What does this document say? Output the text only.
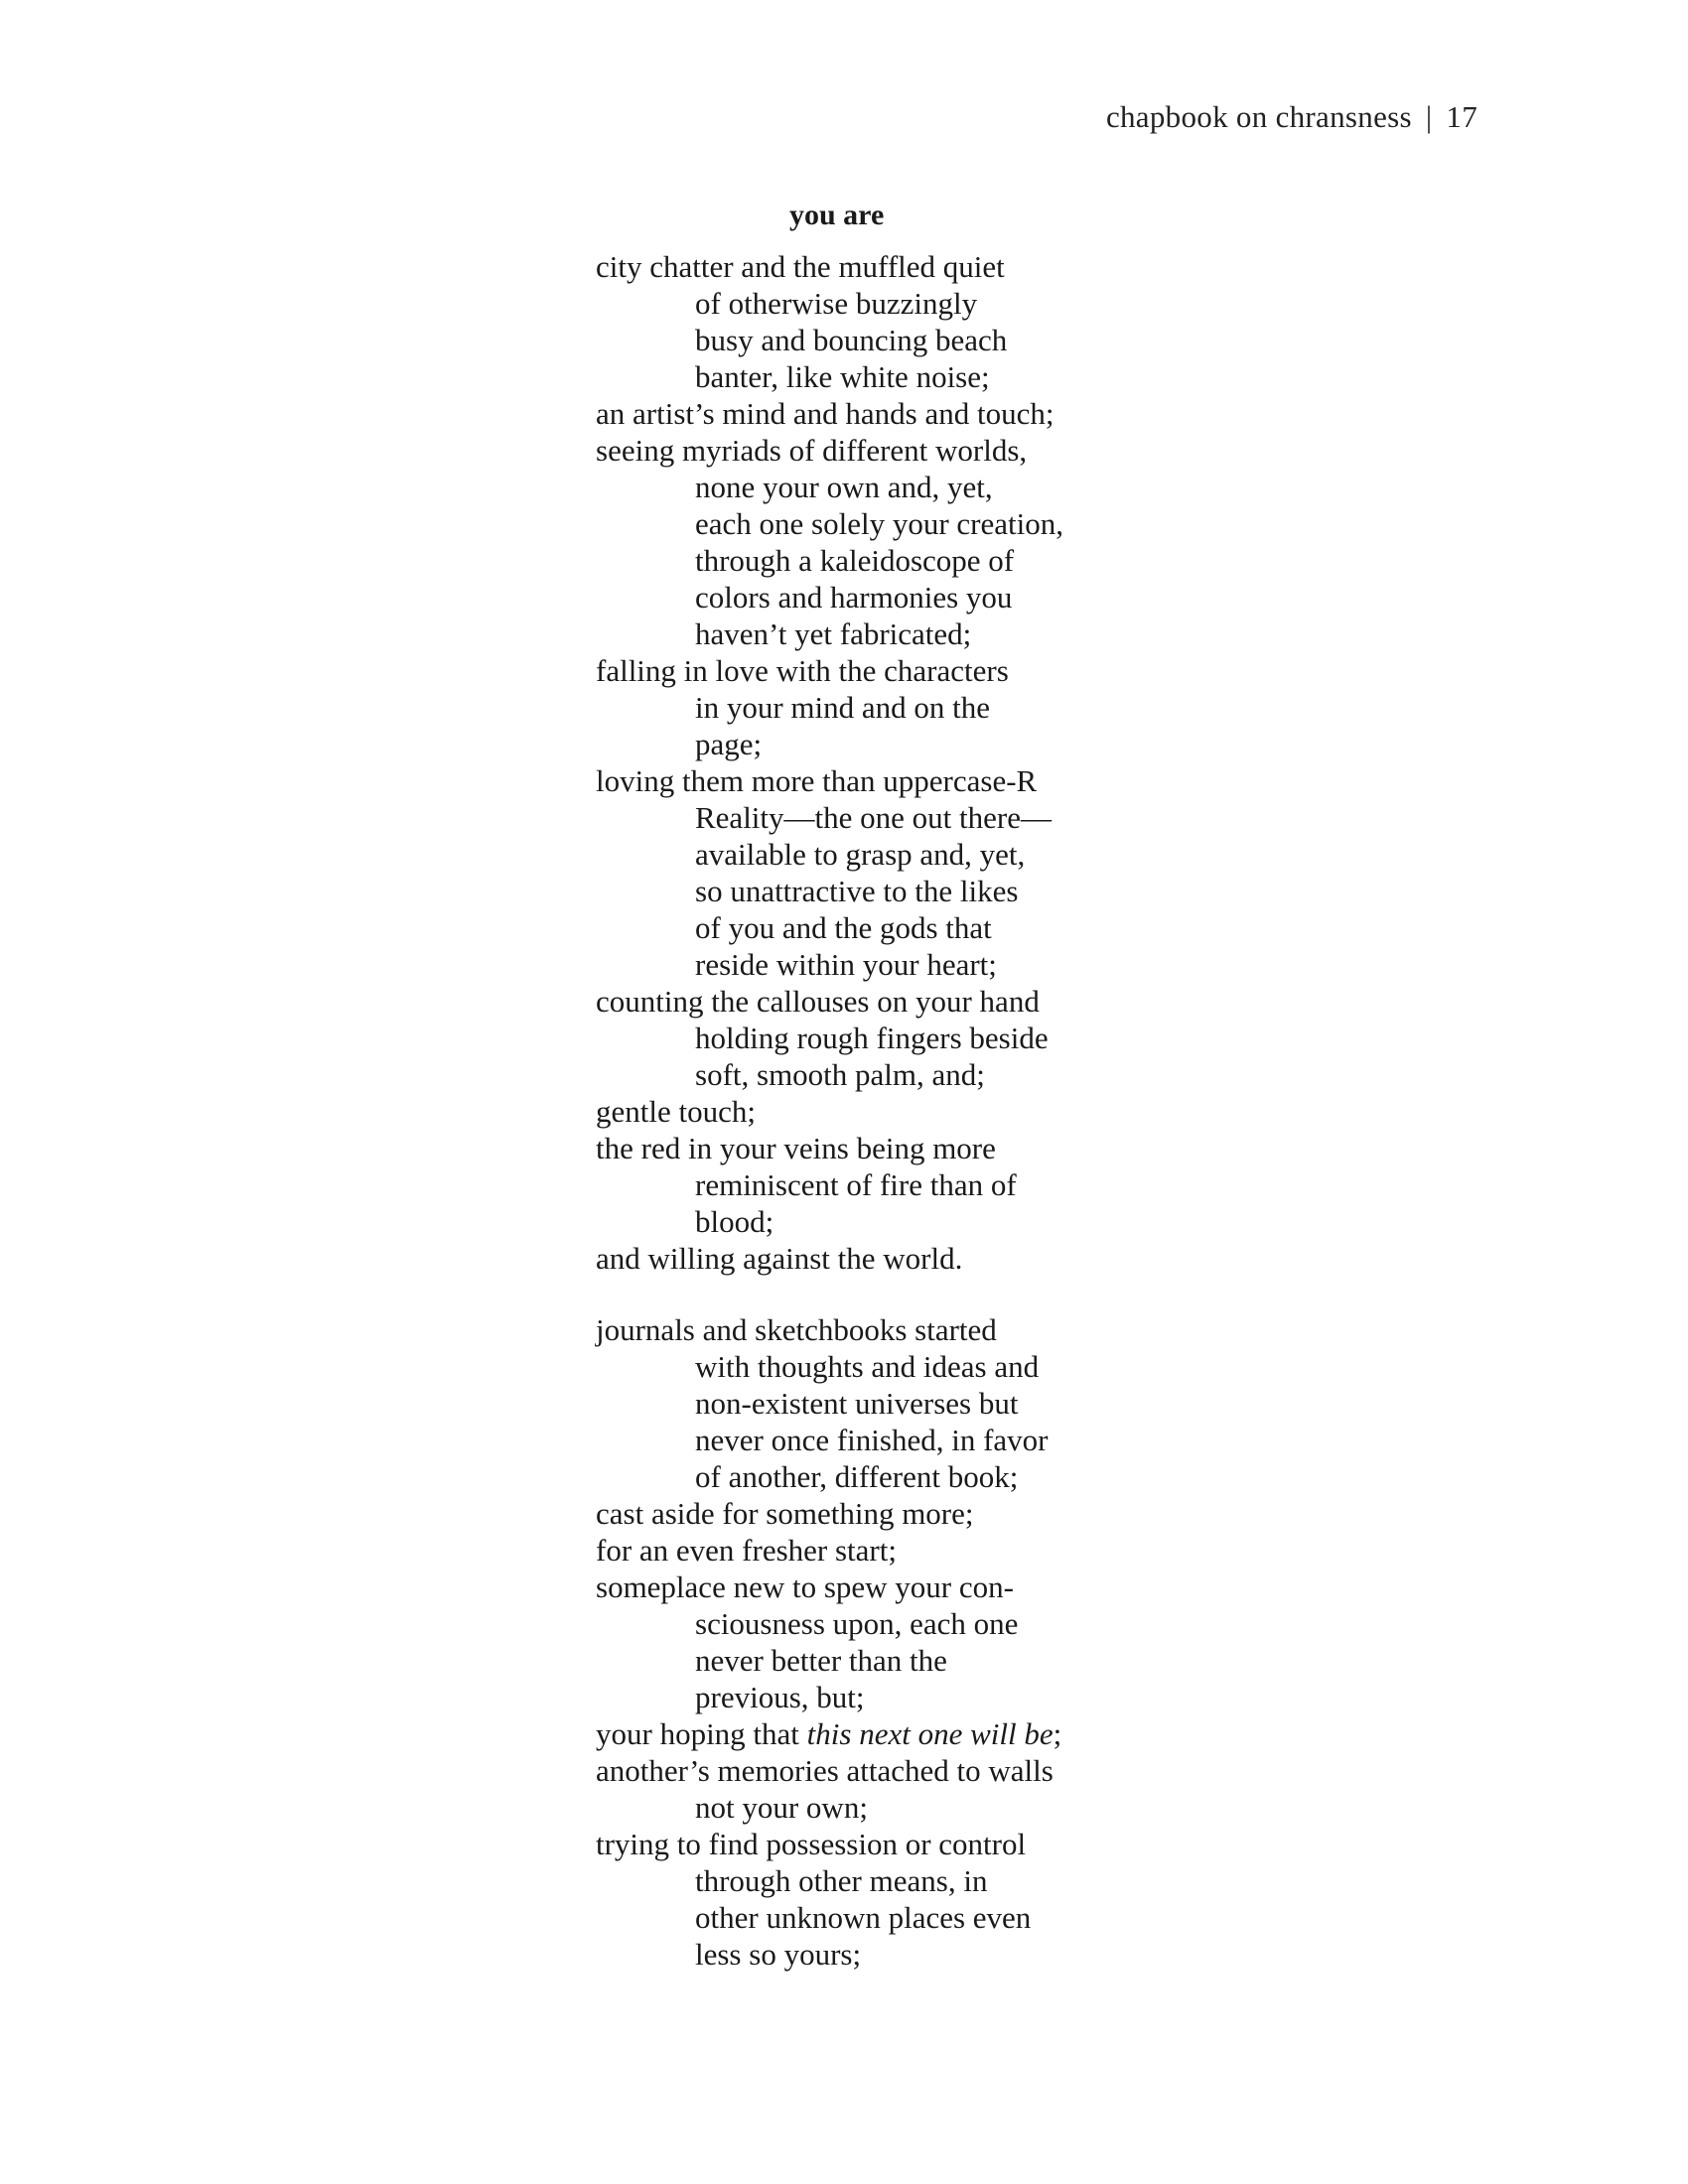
chapbook on chransness | 17
you are
city chatter and the muffled quiet
of otherwise buzzingly
busy and bouncing beach
banter, like white noise;
an artist’s mind and hands and touch;
seeing myriads of different worlds,
none your own and, yet,
each one solely your creation,
through a kaleidoscope of
colors and harmonies you
haven’t yet fabricated;
falling in love with the characters
in your mind and on the
page;
loving them more than uppercase-R
Reality—the one out there—
available to grasp and, yet,
so unattractive to the likes
of you and the gods that
reside within your heart;
counting the callouses on your hand
holding rough fingers beside
soft, smooth palm, and;
gentle touch;
the red in your veins being more
reminiscent of fire than of
blood;
and willing against the world.
journals and sketchbooks started
with thoughts and ideas and
non-existent universes but
never once finished, in favor
of another, different book;
cast aside for something more;
for an even fresher start;
someplace new to spew your con-
sciousness upon, each one
never better than the
previous, but;
your hoping that this next one will be;
another’s memories attached to walls
not your own;
trying to find possession or control
through other means, in
other unknown places even
less so yours;
